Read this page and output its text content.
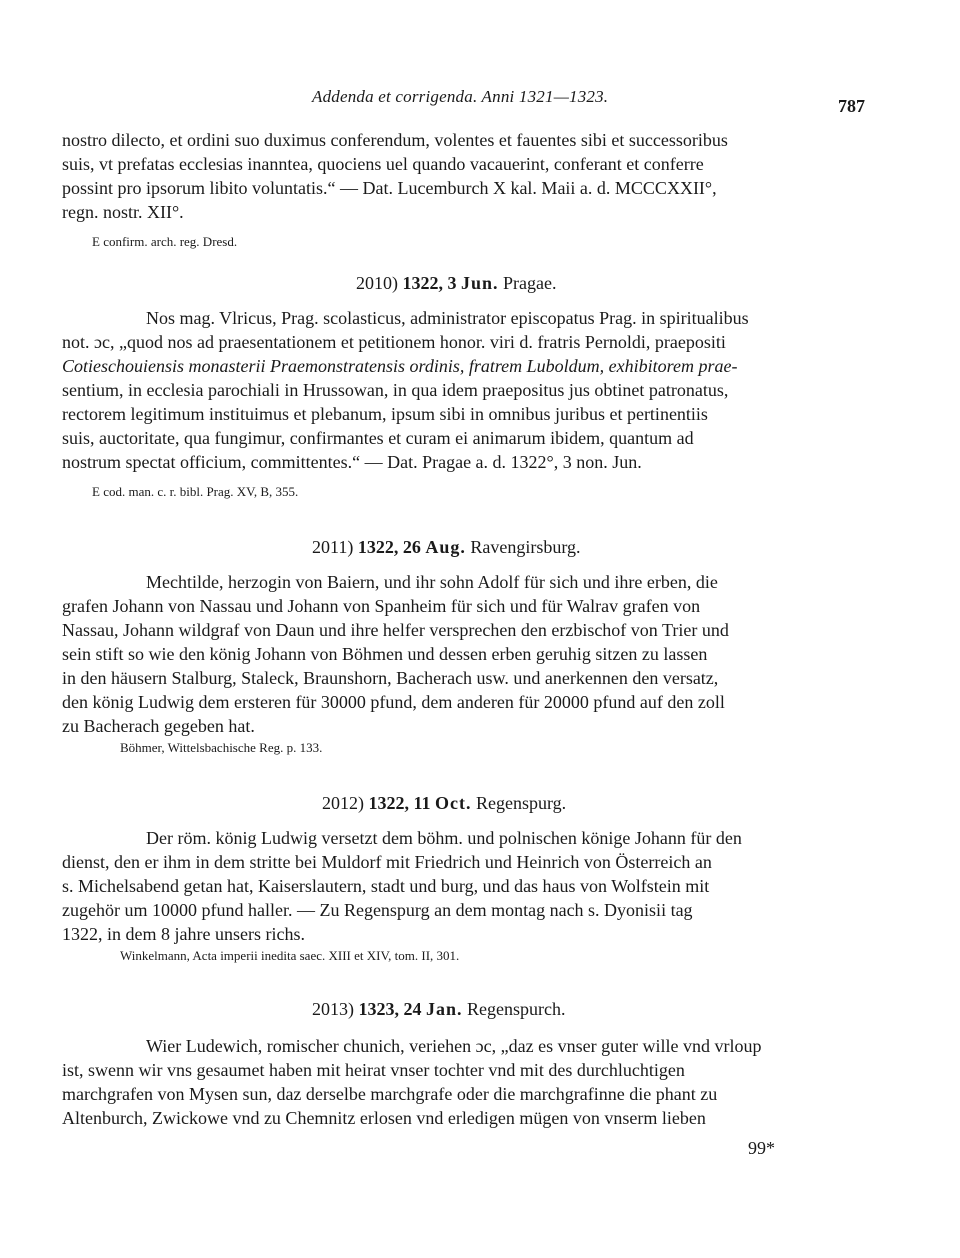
Addenda et corrigenda. Anni 1321—1323.	787
nostro dilecto, et ordini suo duximus conferendum, volentes et fauentes sibi et successoribus
suis, vt prefatas ecclesias inanntea, quociens uel quando vacauerint, conferant et conferre
possint pro ipsorum libito voluntatis.“ — Dat. Lucemburch X kal. Maii a. d. MCCCXXII°,
regn. nostr. XII°.
E confirm. arch. reg. Dresd.
2010) 1322, 3 Jun. Pragae.
Nos mag. Vlricus, Prag. scolasticus, administrator episcopatus Prag. in spiritualibus
not. ɔc, „quod nos ad praesentationem et petitionem honor. viri d. fratris Pernoldi, praepositi
Cotieschouiensis monasterii Praemonstratensis ordinis, fratrem Luboldum, exhibitorem prae-
sentium, in ecclesia parochiali in Hrussowan, in qua idem praepositus jus obtinet patronatus,
rectorem legitimum instituimus et plebanum, ipsum sibi in omnibus juribus et pertinentiis
suis, auctoritate, qua fungimur, confirmantes et curam ei animarum ibidem, quantum ad
nostrum spectat officium, committentes.“ — Dat. Pragae a. d. 1322°, 3 non. Jun.
E cod. man. c. r. bibl. Prag. XV, B, 355.
2011) 1322, 26 Aug. Ravengirsburg.
Mechtilde, herzogin von Baiern, und ihr sohn Adolf für sich und ihre erben, die
grafen Johann von Nassau und Johann von Spanheim für sich und für Walrav grafen von
Nassau, Johann wildgraf von Daun und ihre helfer versprechen den erzbischof von Trier und
sein stift so wie den könig Johann von Böhmen und dessen erben geruhig sitzen zu lassen
in den häusern Stalburg, Staleck, Braunshorn, Bacherach usw. und anerkennen den versatz,
den könig Ludwig dem ersteren für 30000 pfund, dem anderen für 20000 pfund auf den zoll
zu Bacherach gegeben hat.
Böhmer, Wittelsbachische Reg. p. 133.
2012) 1322, 11 Oct. Regenspurg.
Der röm. könig Ludwig versetzt dem böhm. und polnischen könige Johann für den
dienst, den er ihm in dem stritte bei Muldorf mit Friedrich und Heinrich von Österreich an
s. Michelsabend getan hat, Kaiserslautern, stadt und burg, und das haus von Wolfstein mit
zugehör um 10000 pfund haller. — Zu Regenspurg an dem montag nach s. Dyonisii tag
1322, in dem 8 jahre unsers richs.
Winkelmann, Acta imperii inedita saec. XIII et XIV, tom. II, 301.
2013) 1323, 24 Jan. Regenspurch.
Wier Ludewich, romischer chunich, veriehen ɔc, „daz es vnser guter wille vnd vrloup
ist, swenn wir vns gesaumet haben mit heirat vnser tochter vnd mit des durchluchtigen
marchgrafen von Mysen sun, daz derselbe marchgrafe oder die marchgrafinne die phant zu
Altenburch, Zwickowe vnd zu Chemnitz erlosen vnd erledigen mügen von vnserm lieben
99*
